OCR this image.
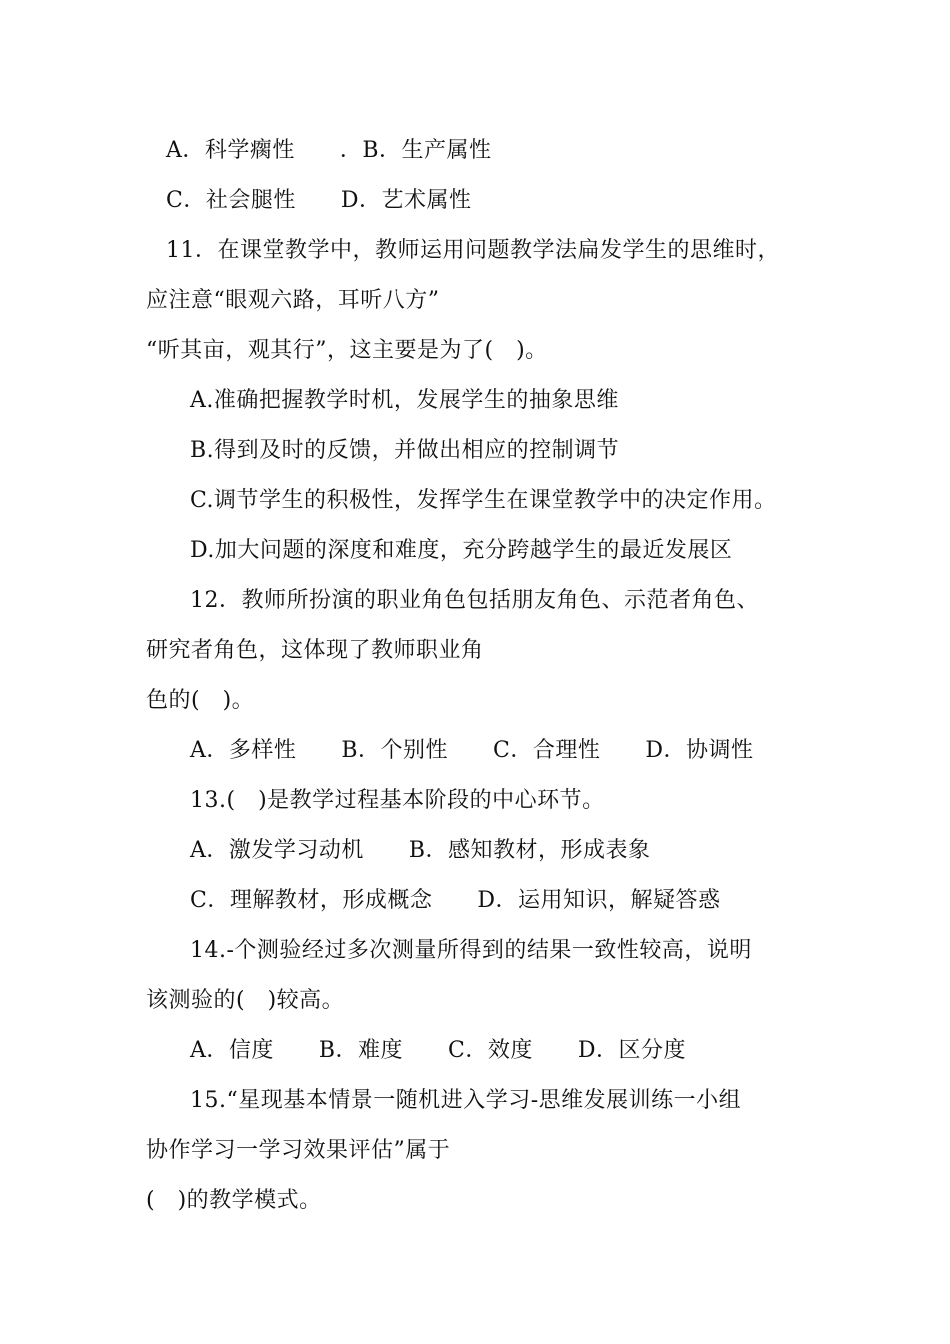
A．科学瘸性　　．B．生产属性
C．社会腿性　　D．艺术属性
11．在课堂教学中，教师运用问题教学法扁发学生的思维时，
应注意“眼观六路，耳听八方”
“听其亩，观其行”，这主要是为了(　)。
A.准确把握教学时机，发展学生的抽象思维
B.得到及时的反馈，并做出相应的控制调节
C.调节学生的积极性，发挥学生在课堂教学中的决定作用。
D.加大问题的深度和难度，充分跨越学生的最近发展区
12．教师所扮演的职业角色包括朋友角色、示范者角色、
研究者角色，这体现了教师职业角
色的(　)。
A．多样性　　B．个别性　　C．合理性　　D．协调性
13.(　)是教学过程基本阶段的中心环节。
A．激发学习动机　　B．感知教材，形成表象
C．理解教材，形成概念　　D．运用知识，解疑答惑
14.-个测验经过多次测量所得到的结果一致性较高，说明
该测验的(　)较高。
A．信度　　B．难度　　C．效度　　D．区分度
15.“星现基本情景一随机进入学习-思维发展训练一小组
协作学习一学习效果评估”属于
(　)的教学模式。
